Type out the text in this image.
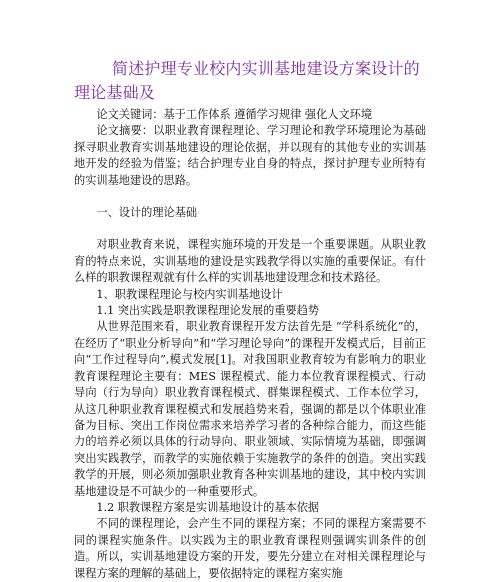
简述护理专业校内实训基地建设方案设计的理论基础及

论文关键词：基于工作体系 遵循学习规律 强化人文环境

论文摘要：以职业教育课程理论、学习理论和教学环境理论为基础探寻职业教育实训基地建设的理论依据，并以现有的其他专业的实训基地开发的经验为借鉴；结合护理专业自身的特点，探讨护理专业所特有的实训基地建设的思路。

一、设计的理论基础

对职业教育来说，课程实施环境的开发是一个重要课题。从职业教育的特点来说，实训基地的建设是实践教学得以实施的重要保证。有什么样的职教课程观就有什么样的实训基地建设理念和技术路径。

1、职教课程理论与校内实训基地设计

1.1 突出实践是职教课程理论发展的重要趋势

从世界范围来看，职业教育课程开发方法首先是 “学科系统化”的，在经历了“职业分析导向”和“学习理论导向”的课程开发模式后，目前正向“工作过程导向”,模式发展[1]。对我国职业教育较为有影响力的职业教育课程理论主要有：MES 课程模式、能力本位教育课程模式、行动导向（行为导向）职业教育课程模式、群集课程模式、工作本位学习，从这几种职业教育课程模式和发展趋势来看，强调的都是以个体职业准备为目标、突出工作岗位需求来培养学习者的各种综合能力，而这些能力的培养必须以具体的行动导向、职业领域、实际情境为基础，即强调突出实践教学，而教学的实施依赖于实施教学的条件的创造。突出实践教学的开展，则必须加强职业教育各种实训基地的建设，其中校内实训基地建设是不可缺少的一种重要形式。

1.2 职教课程方案是实训基地设计的基本依据

不同的课程理论，会产生不同的课程方案；不同的课程方案需要不同的课程实施条件。以实践为主的职业教育课程则强调实训条件的创造。所以，实训基地建设方案的开发，要先分建立在对相关课程理论与课程方案的理解的基础上，要依据特定的课程方案实施
